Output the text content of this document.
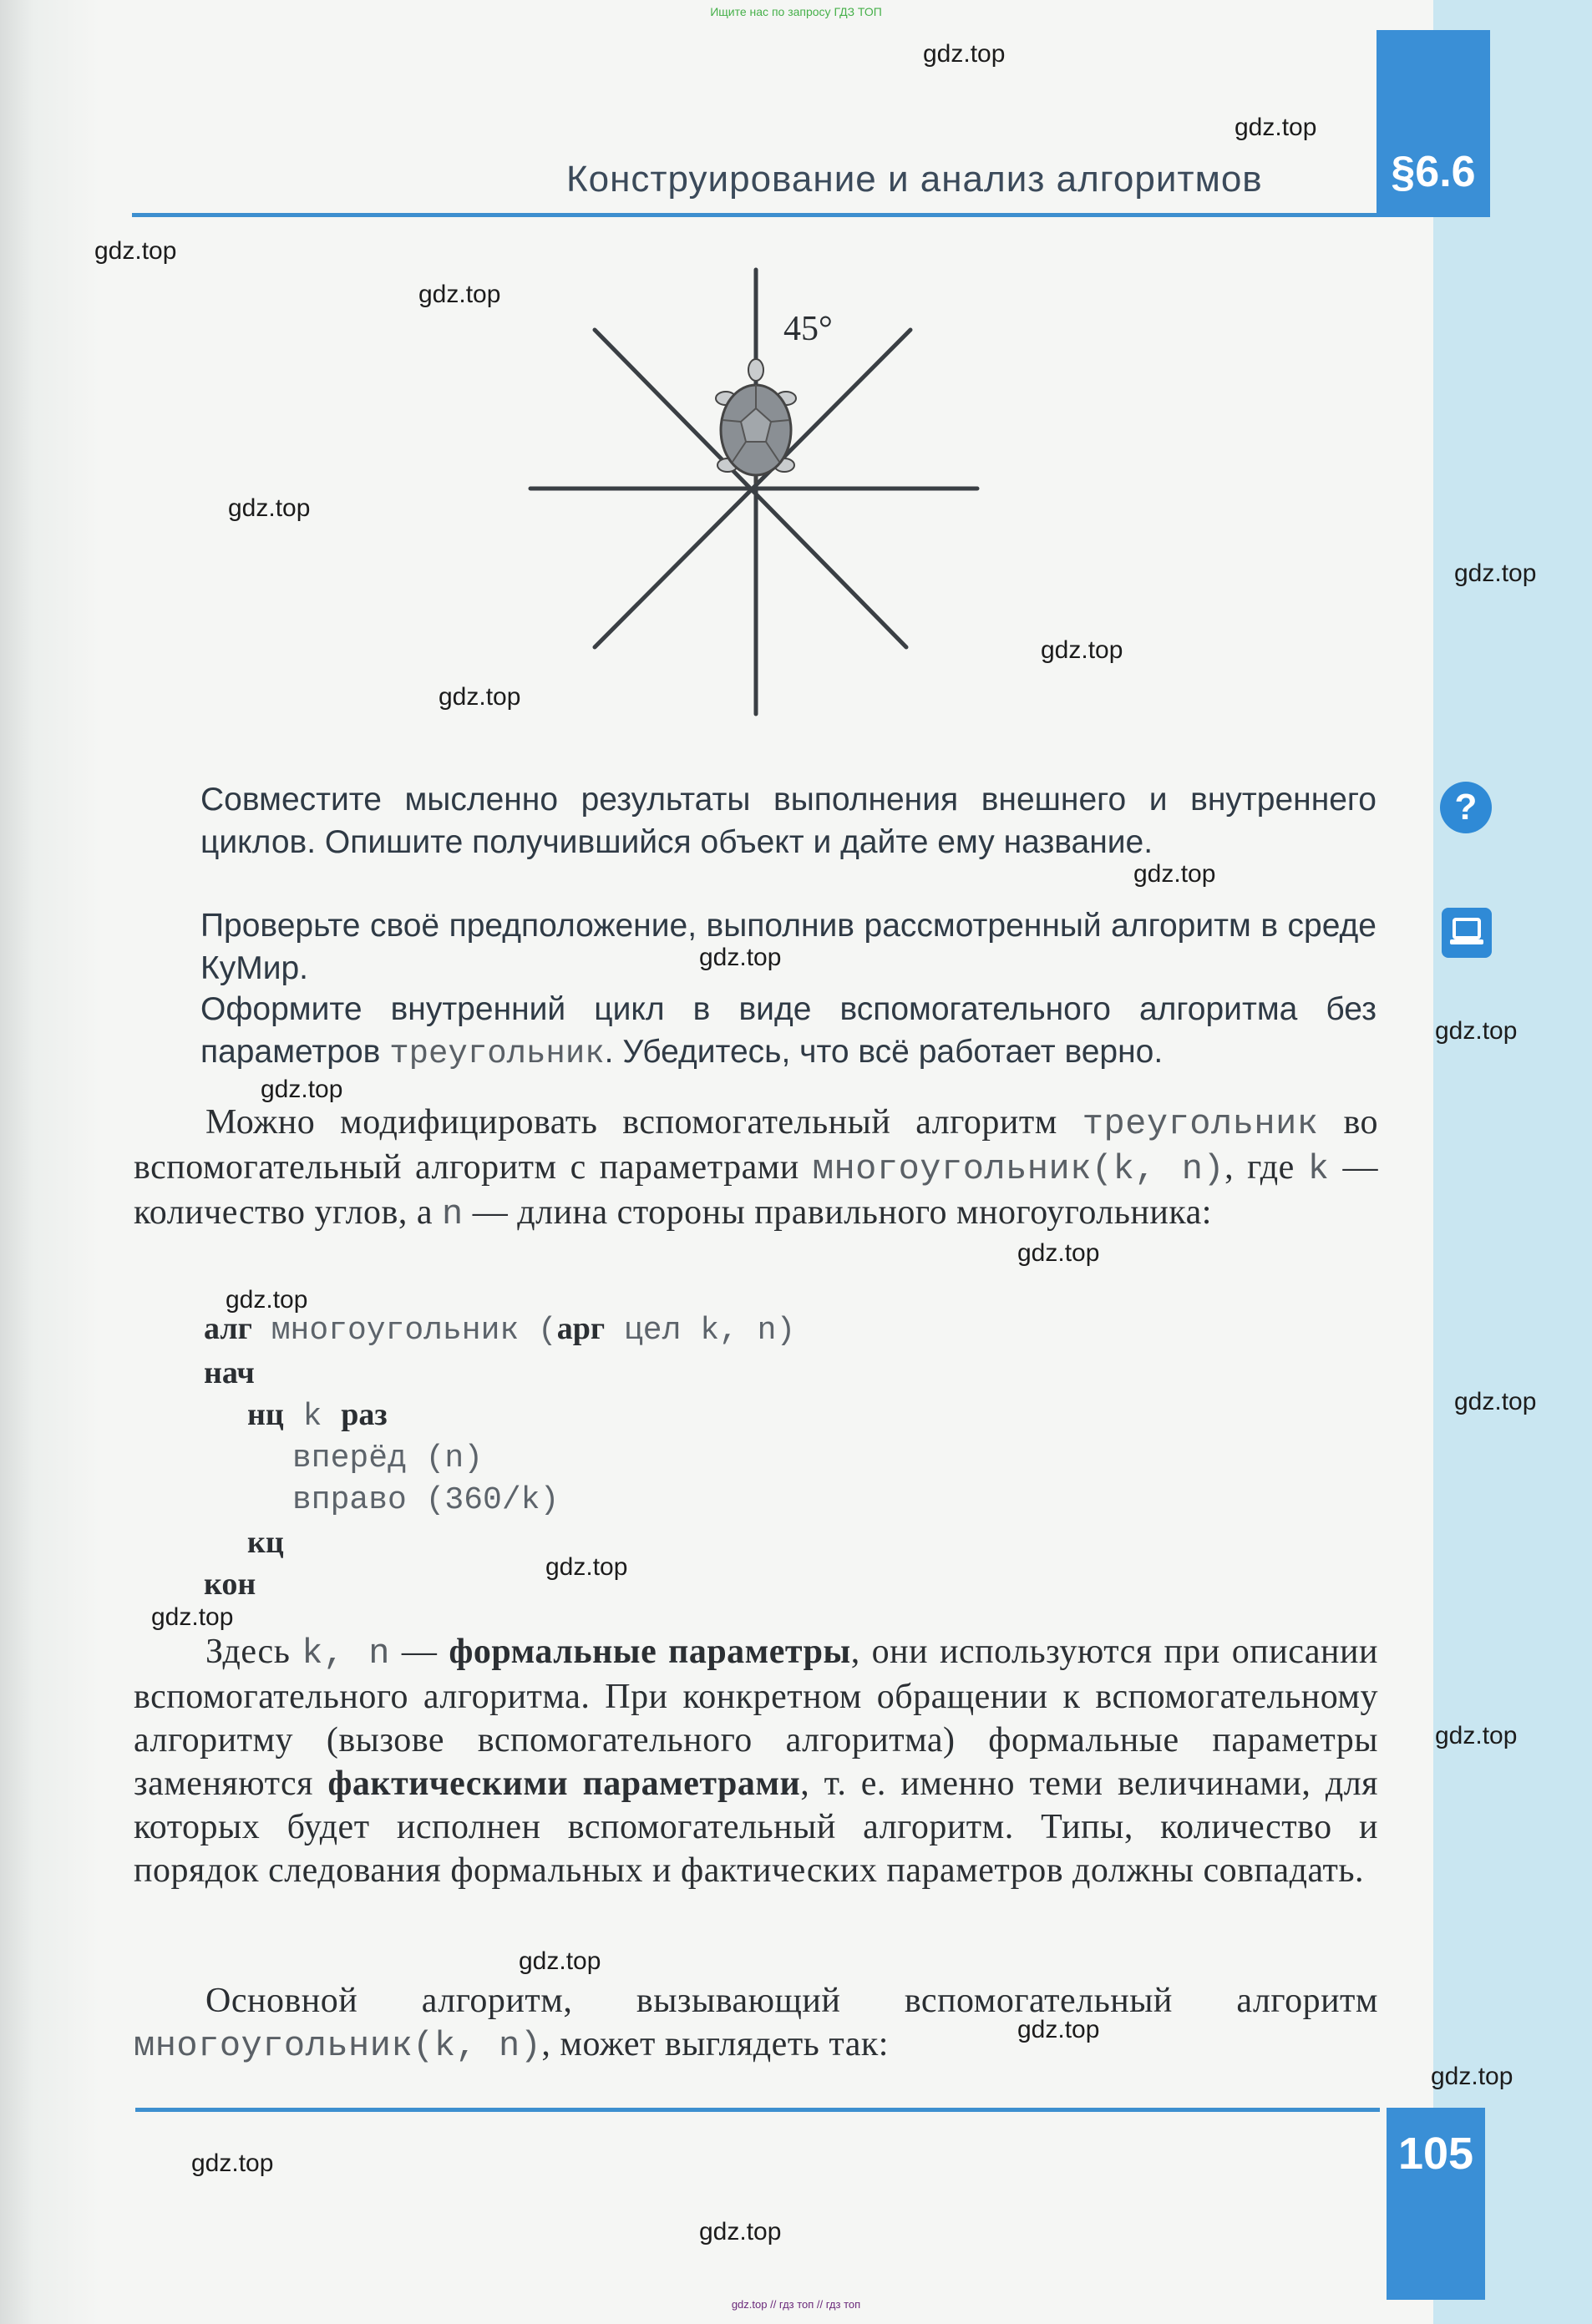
Ищите нас по запросу ГДЗ ТОП
§6.6
Конструирование и анализ алгоритмов
45°
Совместите мысленно результаты выполнения внешнего и внутреннего циклов. Опишите получившийся объект и дайте ему название.
Проверьте своё предположение, выполнив рассмотренный алгоритм в среде КуМир.
Оформите внутренний цикл в виде вспомогательного алгоритма без параметров треугольник. Убедитесь, что всё работает верно.
Можно модифицировать вспомогательный алгоритм треугольник во вспомогательный алгоритм с параметрами многоугольник(k, n), где k — количество углов, а n — длина стороны правильного многоугольника:
алг многоугольник (арг цел k, n)
нач
нц k раз
вперёд (n)
вправо (360/k)
кц
кон
Здесь k, n — формальные параметры, они используются при описании вспомогательного алгоритма. При конкретном обращении к вспомогательному алгоритму (вызове вспомогательного алгоритма) формальные параметры заменяются фактическими параметрами, т. е. именно теми величинами, для которых будет исполнен вспомогательный алгоритм. Типы, количество и порядок следования формальных и фактических параметров должны совпадать.
Основной алгоритм, вызывающий вспомогательный алгоритм многоугольник(k, n), может выглядеть так:
105
?
gdz.top
gdz.top
gdz.top
gdz.top
gdz.top
gdz.top
gdz.top
gdz.top
gdz.top
gdz.top
gdz.top
gdz.top
gdz.top
gdz.top
gdz.top
gdz.top
gdz.top
gdz.top
gdz.top
gdz.top
gdz.top
gdz.top
gdz.top
gdz.top // гдз топ // гдз топ
